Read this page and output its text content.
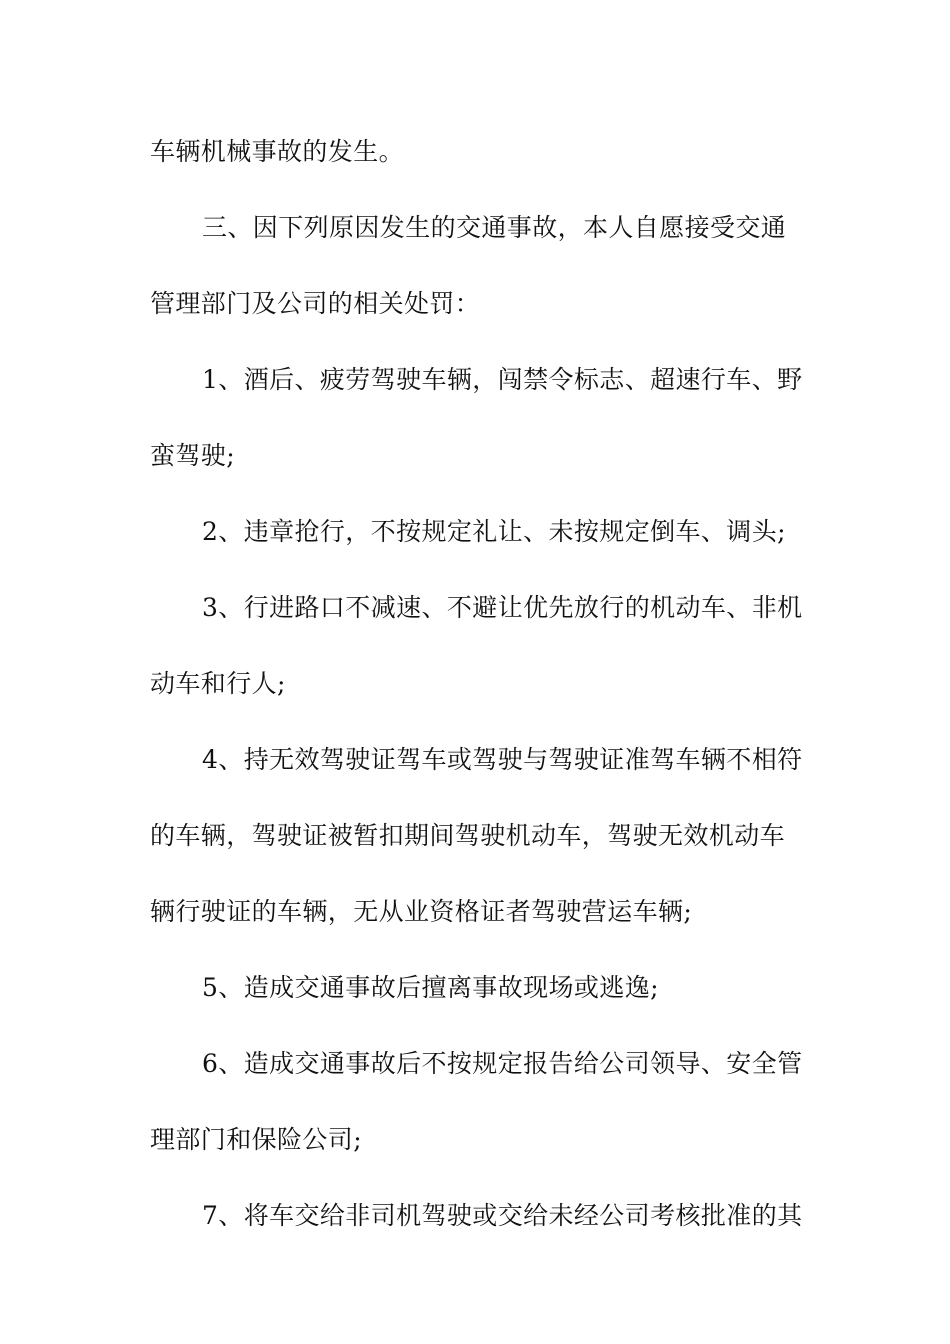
车辆机械事故的发生。
三、因下列原因发生的交通事故，本人自愿接受交通
管理部门及公司的相关处罚：
1、酒后、疲劳驾驶车辆，闯禁令标志、超速行车、野
蛮驾驶;
2、违章抢行，不按规定礼让、未按规定倒车、调头;
3、行进路口不减速、不避让优先放行的机动车、非机
动车和行人;
4、持无效驾驶证驾车或驾驶与驾驶证准驾车辆不相符
的车辆，驾驶证被暂扣期间驾驶机动车，驾驶无效机动车
辆行驶证的车辆，无从业资格证者驾驶营运车辆;
5、造成交通事故后擅离事故现场或逃逸;
6、造成交通事故后不按规定报告给公司领导、安全管
理部门和保险公司;
7、将车交给非司机驾驶或交给未经公司考核批准的其
